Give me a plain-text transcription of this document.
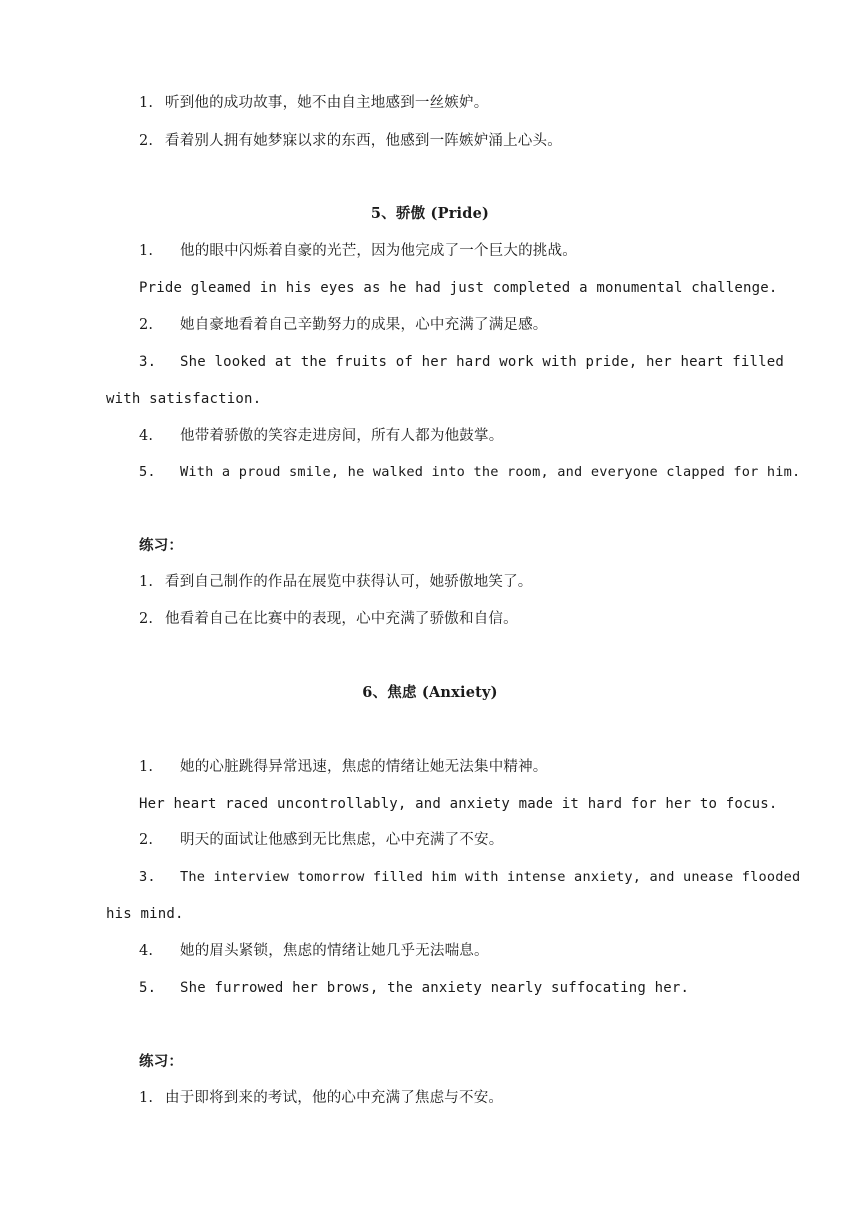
1. 听到他的成功故事，她不由自主地感到一丝嫉妒。
2. 看着别人拥有她梦寐以求的东西，他感到一阵嫉妒涌上心头。
5、骄傲 (Pride)
1. 他的眼中闪烁着自豪的光芒，因为他完成了一个巨大的挑战。
Pride gleamed in his eyes as he had just completed a monumental challenge.
2. 她自豪地看着自己辛勤努力的成果，心中充满了满足感。
3. She looked at the fruits of her hard work with pride, her heart filled
with satisfaction.
4. 他带着骄傲的笑容走进房间，所有人都为他鼓掌。
5. With a proud smile, he walked into the room, and everyone clapped for him.
练习：
1. 看到自己制作的作品在展览中获得认可，她骄傲地笑了。
2. 他看着自己在比赛中的表现，心中充满了骄傲和自信。
6、焦虑 (Anxiety)
1. 她的心脏跳得异常迅速，焦虑的情绪让她无法集中精神。
Her heart raced uncontrollably, and anxiety made it hard for her to focus.
2. 明天的面试让他感到无比焦虑，心中充满了不安。
3. The interview tomorrow filled him with intense anxiety, and unease flooded
his mind.
4. 她的眉头紧锁，焦虑的情绪让她几乎无法喘息。
5. She furrowed her brows, the anxiety nearly suffocating her.
练习：
1. 由于即将到来的考试，他的心中充满了焦虑与不安。
